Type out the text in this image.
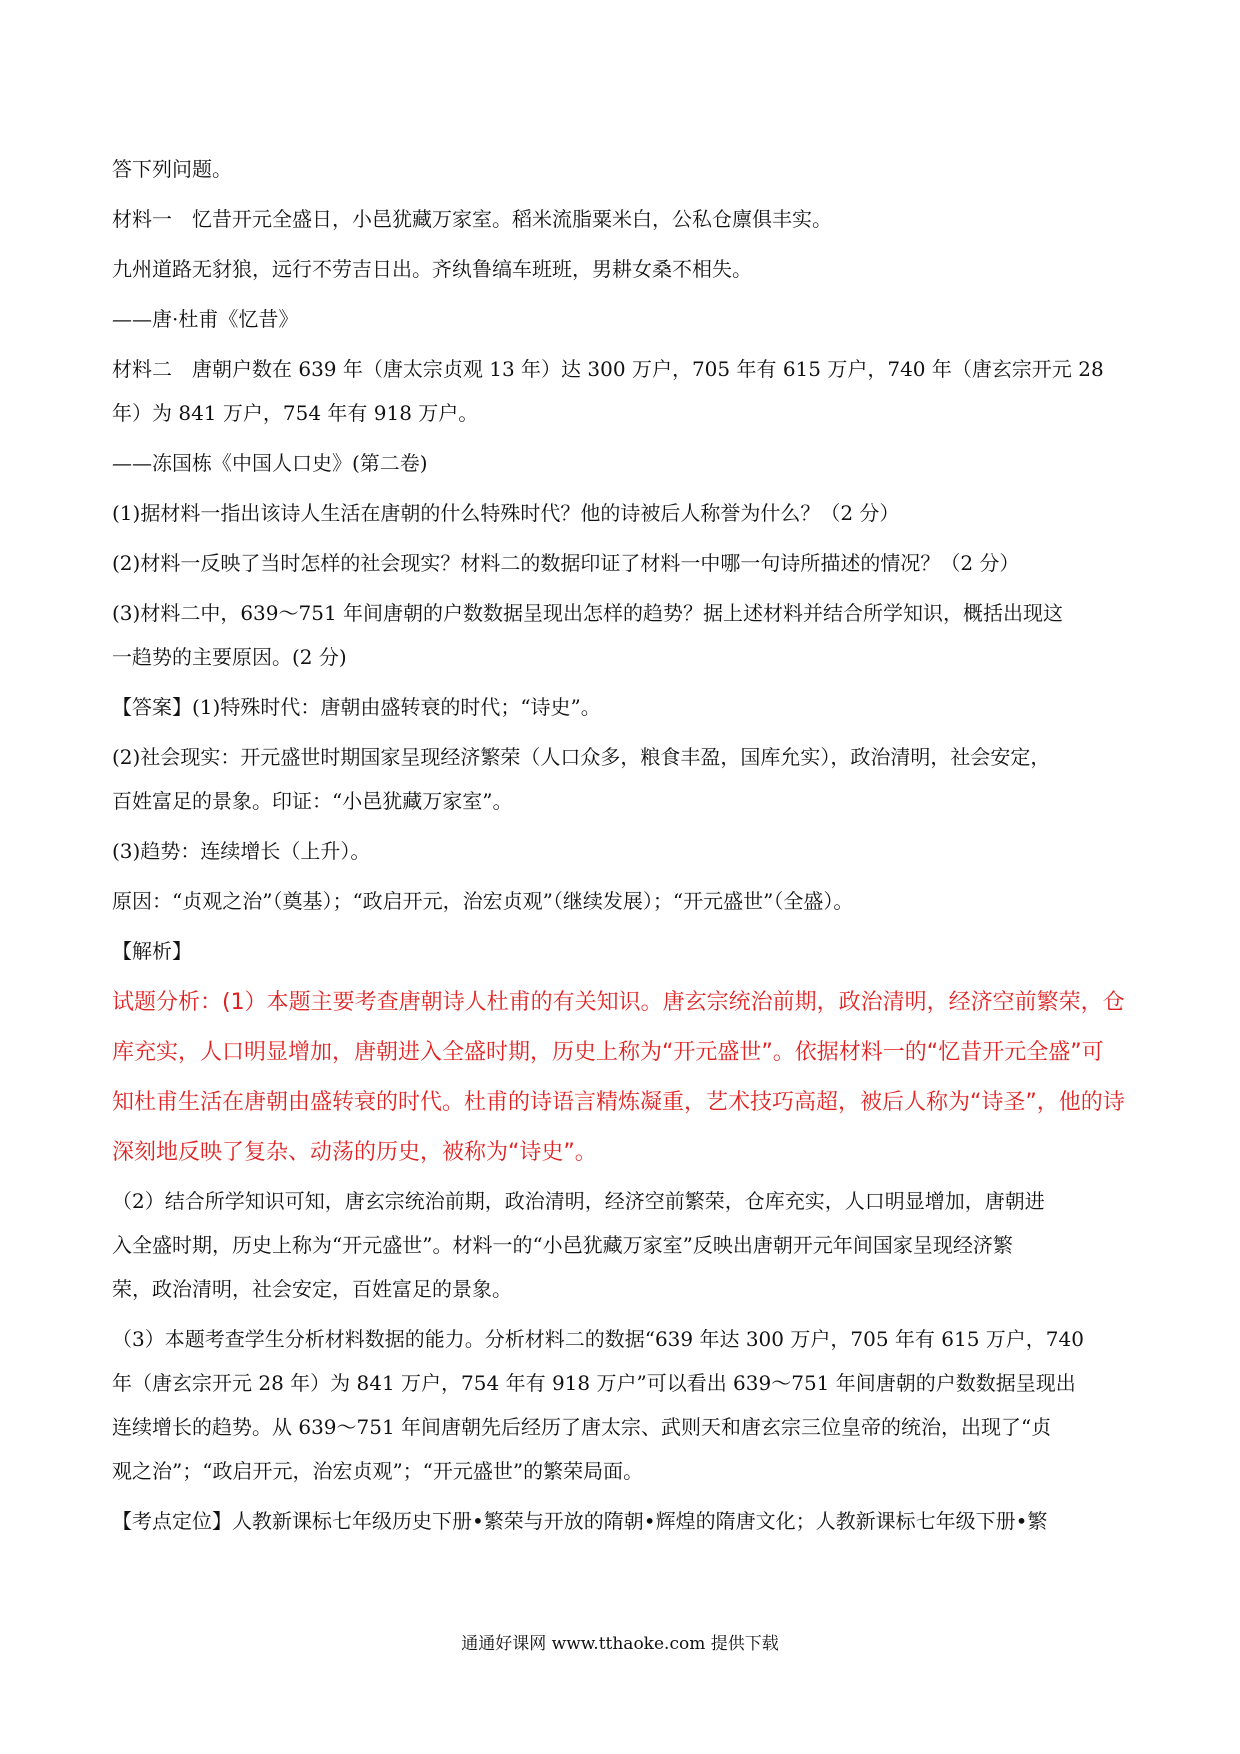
答下列问题。
材料一　忆昔开元全盛日，小邑犹藏万家室。稻米流脂粟米白，公私仓廪俱丰实。
九州道路无豺狼，远行不劳吉日出。齐纨鲁缟车班班，男耕女桑不相失。
——唐·杜甫《忆昔》
材料二　唐朝户数在 639 年（唐太宗贞观 13 年）达 300 万户，705 年有 615 万户，740 年（唐玄宗开元 28
年）为 841 万户，754 年有 918 万户。
——冻国栋《中国人口史》(第二卷)
(1)据材料一指出该诗人生活在唐朝的什么特殊时代？他的诗被后人称誉为什么？（2 分）
(2)材料一反映了当时怎样的社会现实？材料二的数据印证了材料一中哪一句诗所描述的情况？（2 分）
(3)材料二中，639～751 年间唐朝的户数数据呈现出怎样的趋势？据上述材料并结合所学知识，概括出现这
一趋势的主要原因。(2 分)
【答案】(1)特殊时代：唐朝由盛转衰的时代；“诗史”。
(2)社会现实：开元盛世时期国家呈现经济繁荣（人口众多，粮食丰盈，国库允实），政治清明，社会安定，
百姓富足的景象。印证：“小邑犹藏万家室”。
(3)趋势：连续增长（上升）。
原因：“贞观之治”（奠基）；“政启开元，治宏贞观”（继续发展）；“开元盛世”（全盛）。
【解析】
试题分析：(1）本题主要考查唐朝诗人杜甫的有关知识。唐玄宗统治前期，政治清明，经济空前繁荣，仓
库充实，人口明显增加，唐朝进入全盛时期，历史上称为“开元盛世”。依据材料一的“忆昔开元全盛”可
知杜甫生活在唐朝由盛转衰的时代。杜甫的诗语言精炼凝重，艺术技巧高超，被后人称为“诗圣”，他的诗
深刻地反映了复杂、动荡的历史，被称为“诗史”。
（2）结合所学知识可知，唐玄宗统治前期，政治清明，经济空前繁荣，仓库充实，人口明显增加，唐朝进
入全盛时期，历史上称为“开元盛世”。材料一的“小邑犹藏万家室”反映出唐朝开元年间国家呈现经济繁
荣，政治清明，社会安定，百姓富足的景象。
（3）本题考查学生分析材料数据的能力。分析材料二的数据“639 年达 300 万户，705 年有 615 万户，740
年（唐玄宗开元 28 年）为 841 万户，754 年有 918 万户”可以看出 639～751 年间唐朝的户数数据呈现出
连续增长的趋势。从 639～751 年间唐朝先后经历了唐太宗、武则天和唐玄宗三位皇帝的统治，出现了“贞
观之治”；“政启开元，治宏贞观”；“开元盛世”的繁荣局面。
【考点定位】人教新课标七年级历史下册•繁荣与开放的隋朝•辉煌的隋唐文化；人教新课标七年级下册•繁
通通好课网 www.tthaoke.com 提供下载
